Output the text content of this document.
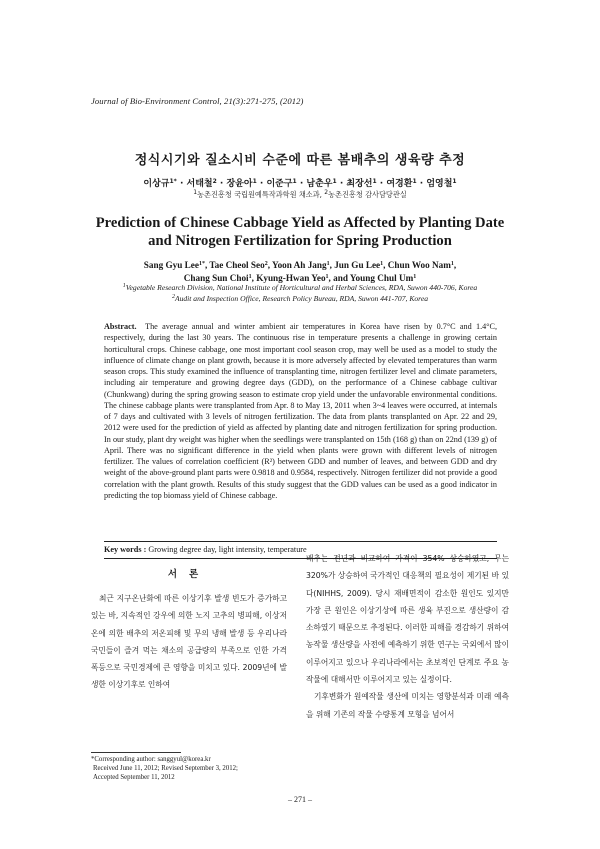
Journal of Bio-Environment Control, 21(3):271-275, (2012)
정식시기와 질소시비 수준에 따른 봄배추의 생육량 추정
이상규$^{1*}$ · 서태철$^2$ · 장윤아$^1$ · 이준구$^1$ · 남춘우$^1$ · 최장선$^1$ · 여경환$^1$ · 엄영철$^1$
$^1$농촌진흥청 국립원예특작과학원 채소과, $^2$농촌진흥청 감사담당관실
Prediction of Chinese Cabbage Yield as Affected by Planting Date
and Nitrogen Fertilization for Spring Production
Sang Gyu Lee$^{1*}$, Tae Cheol Seo$^2$, Yoon Ah Jang$^1$, Jun Gu Lee$^1$, Chun Woo Nam$^1$,
Chang Sun Choi$^1$, Kyung-Hwan Yeo$^1$, and Young Chul Um$^1$
$^1$Vegetable Research Division, National Institute of Horticultural and Herbal Sciences, RDA, Suwon 440-706, Korea
$^2$Audit and Inspection Office, Research Policy Bureau, RDA, Suwon 441-707, Korea
Abstract. The average annual and winter ambient air temperatures in Korea have risen by 0.7°C and 1.4°C, respectively, during the last 30 years. The continuous rise in temperature presents a challenge in growing certain horticultural crops. Chinese cabbage, one most important cool season crop, may well be used as a model to study the influence of climate change on plant growth, because it is more adversely affected by elevated temperatures than warm season crops. This study examined the influence of transplanting time, nitrogen fertilizer level and climate parameters, including air temperature and growing degree days (GDD), on the performance of a Chinese cabbage cultivar (Chunkwang) during the spring growing season to estimate crop yield under the unfavorable environmental conditions. The chinese cabbage plants were transplanted from Apr. 8 to May 13, 2011 when 3~4 leaves were occurred, at internals of 7 days and cultivated with 3 levels of nitrogen fertilization. The data from plants transplanted on Apr. 22 and 29, 2012 were used for the prediction of yield as affected by planting date and nitrogen fertilization for spring production. In our study, plant dry weight was higher when the seedlings were transplanted on 15th (168 g) than on 22nd (139 g) of April. There was no significant difference in the yield when plants were grown with different levels of nitrogen fertilizer. The values of correlation coefficient (R²) between GDD and number of leaves, and between GDD and dry weight of the above-ground plant parts were 0.9818 and 0.9584, respectively. Nitrogen fertilizer did not provide a good correlation with the plant growth. Results of this study suggest that the GDD values can be used as a good indicator in predicting the top biomass yield of Chinese cabbage.
Key words : Growing degree day, light intensity, temperature
서론

최근 지구온난화에 따른 이상기후 발생 빈도가 증가하고 있는 바, 지속적인 강우에 의한 노지 고추의 병피해, 이상저온에 의한 배추의 저온피해 및 무의 냉해 발생 등 우리나라 국민들이 즐겨 먹는 채소의 공급량의 부족으로 인한 가격 폭등으로 국민경제에 큰 영향을 미치고 있다. 2009년에 발생한 이상기후로 인하여

배추는 전년과 비교하여 가격이 354% 상승하였고, 무는 320%가 상승하여 국가적인 대응책의 필요성이 제기된 바 있다(NIHHS, 2009). 당시 재배면적이 감소한 원인도 있지만 가장 큰 원인은 이상기상에 따른 생육 부진으로 생산량이 감소하였기 때문으로 추정된다. 이러한 피해를 경감하기 위하여 농작물 생산량을 사전에 예측하기 위한 연구는 국외에서 많이 이루어지고 있으나 우리나라에서는 초보적인 단계로 주요 농작물에 대해서만 이루어지고 있는 실정이다.

기후변화가 원예작물 생산에 미치는 영향분석과 미래 예측을 위해 기존의 작물 수량통계 모형을 넘어서

*Corresponding author: sanggyul@korea.kr
Received June 11, 2012; Revised September 3, 2012;
Accepted September 11, 2012
– 271 –
